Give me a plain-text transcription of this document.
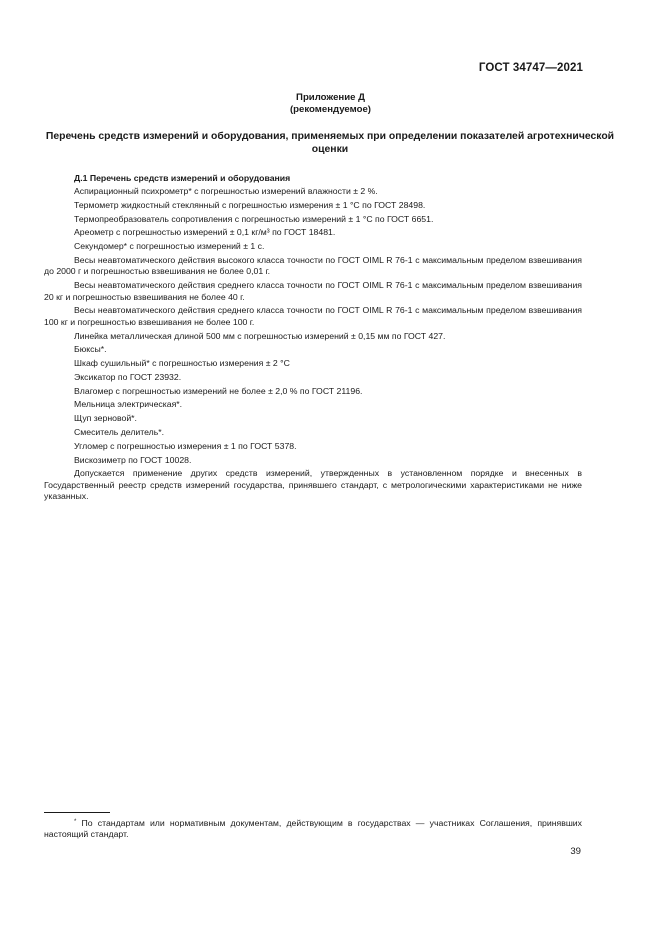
ГОСТ 34747—2021
Приложение Д
(рекомендуемое)
Перечень средств измерений и оборудования, применяемых при определении показателей агротехнической оценки

Д.1 Перечень средств измерений и оборудования

Аспирационный психрометр* с погрешностью измерений влажности ± 2 %.

Термометр жидкостный стеклянный с погрешностью измерения ± 1 °С по ГОСТ 28498.

Термопреобразователь сопротивления с погрешностью измерений ± 1 °С по ГОСТ 6651.

Ареометр с погрешностью измерений ± 0,1 кг/м³ по ГОСТ 18481.

Секундомер* с погрешностью измерений ± 1 с.

Весы неавтоматического действия высокого класса точности по ГОСТ OIML R 76-1 с максимальным пределом взвешивания до 2000 г и погрешностью взвешивания не более 0,01 г.

Весы неавтоматического действия среднего класса точности по ГОСТ OIML R 76-1 с максимальным пределом взвешивания 20 кг и погрешностью взвешивания не более 40 г.

Весы неавтоматического действия среднего класса точности по ГОСТ OIML R 76-1 с максимальным пределом взвешивания 100 кг и погрешностью взвешивания не более 100 г.

Линейка металлическая длиной 500 мм с погрешностью измерений ± 0,15 мм по ГОСТ 427.

Бюксы*.

Шкаф сушильный* с погрешностью измерения ± 2 °С

Эксикатор по ГОСТ 23932.

Влагомер с погрешностью измерений не более ± 2,0 % по ГОСТ 21196.

Мельница электрическая*.

Щуп зерновой*.

Смеситель делитель*.

Угломер с погрешностью измерения ± 1 по ГОСТ 5378.

Вискозиметр по ГОСТ 10028.

Допускается применение других средств измерений, утвержденных в установленном порядке и внесенных в Государственный реестр средств измерений государства, принявшего стандарт, с метрологическими характеристиками не ниже указанных.

* По стандартам или нормативным документам, действующим в государствах — участниках Соглашения, принявших настоящий стандарт.

39
